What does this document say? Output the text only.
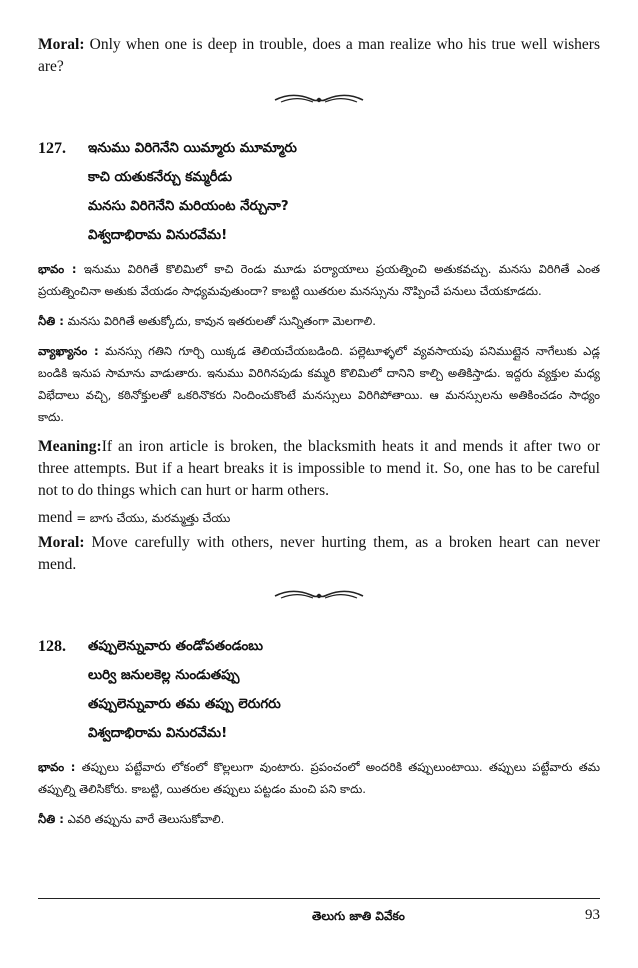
Moral: Only when one is deep in trouble, does a man realize who his true well wishers are?

127.	ఇనుము విరిగెనేని యిమ్మారు మూమ్మారు
కాచి యతుకనేర్చు కమ్మరీడు
మనసు విరిగెనేని మరియంట నేర్చునా?
విశ్వదాభిరామ వినురవేమ!

భావం : ఇనుము విరిగితే కొలిమిలో కాచి రెండు మూడు పర్యాయాలు ప్రయత్నించి అతుకవచ్చు. మనసు విరిగితే ఎంత ప్రయత్నించినా అతుకు వేయడం సాధ్యమవుతుందా? కాబట్టి యితరుల మనస్సును నొప్పించే పనులు చేయకూడదు.

నీతి : మనసు విరిగితే అతుక్కోదు, కావున ఇతరులతో సున్నితంగా మెలగాలి.

వ్యాఖ్యానం : మనస్సు గతిని గూర్చి యిక్కడ తెలియచేయబడింది. పల్లెటూళ్ళలో వ్యవసాయపు పనిముట్లైన నాగేలుకు ఎడ్ల బండికి ఇనుప సామాను వాడుతారు. ఇనుము విరిగినపుడు కమ్మరి కొలిమిలో దానిని కాల్చి అతికిస్తాడు. ఇద్దరు వ్యక్తుల మధ్య విభేదాలు వచ్చి, కఠినోక్తులతో ఒకరినొకరు నిందించుకొంటే మనస్సులు విరిగిపోతాయి. ఆ మనస్సులను అతికించడం సాధ్యం కాదు.

Meaning:If an iron article is broken, the blacksmith heats it and mends it after two or three attempts. But if a heart breaks it is impossible to mend it. So, one has to be careful not to do things which can hurt or harm others.

mend = బాగు చేయు, మరమ్మత్తు చేయు

Moral: Move carefully with others, never hurting them, as a broken heart can never mend.

128.	తప్పులెన్నువారు తండోపతండంబు
లుర్వి జనులకెల్ల నుండుతప్పు
తప్పులెన్నువారు తమ తప్పు లెరుగరు
విశ్వదాభిరామ వినురవేమ!

భావం : తప్పులు పట్టేవారు లోకంలో కొల్లలుగా వుంటారు. ప్రపంచంలో అందరికి తప్పులుంటాయి. తప్పులు పట్టేవారు తమ తప్పుల్ని తెలిసికోరు. కాబట్టి, యితరుల తప్పులు పట్టడం మంచి పని కాదు.

నీతి : ఎవరి తప్పును వారే తెలుసుకోవాలి.

తెలుగు జాతి వివేకం	93
